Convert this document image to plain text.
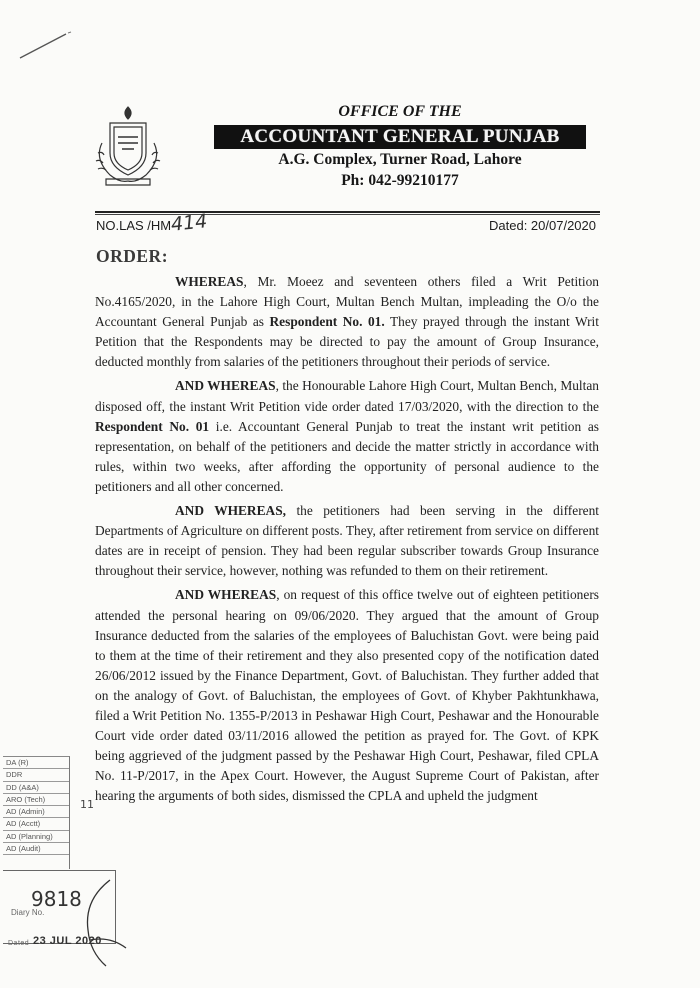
OFFICE OF THE
ACCOUNTANT GENERAL PUNJAB
A.G. Complex, Turner Road, Lahore
Ph: 042-99210177
NO.LAS /HM-
414	Dated: 20/07/2020
ORDER:

WHEREAS, Mr. Moeez and seventeen others filed a Writ Petition No.4165/2020, in the Lahore High Court, Multan Bench Multan, impleading the O/o the Accountant General Punjab as Respondent No. 01. They prayed through the instant Writ Petition that the Respondents may be directed to pay the amount of Group Insurance, deducted monthly from salaries of the petitioners throughout their periods of service.

AND WHEREAS, the Honourable Lahore High Court, Multan Bench, Multan disposed off, the instant Writ Petition vide order dated 17/03/2020, with the direction to the Respondent No. 01 i.e. Accountant General Punjab to treat the instant writ petition as representation, on behalf of the petitioners and decide the matter strictly in accordance with rules, within two weeks, after affording the opportunity of personal audience to the petitioners and all other concerned.

AND WHEREAS, the petitioners had been serving in the different Departments of Agriculture on different posts. They, after retirement from service on different dates are in receipt of pension. They had been regular subscriber towards Group Insurance throughout their service, however, nothing was refunded to them on their retirement.

AND WHEREAS, on request of this office twelve out of eighteen petitioners attended the personal hearing on 09/06/2020. They argued that the amount of Group Insurance deducted from the salaries of the employees of Baluchistan Govt. were being paid to them at the time of their retirement and they also presented copy of the notification dated 26/06/2012 issued by the Finance Department, Govt. of Baluchistan. They further added that on the analogy of Govt. of Baluchistan, the employees of Govt. of Khyber Pakhtunkhawa, filed a Writ Petition No. 1355-P/2013 in Peshawar High Court, Peshawar and the Honourable Court vide order dated 03/11/2016 allowed the petition as prayed for. The Govt. of KPK being aggrieved of the judgment passed by the Peshawar High Court, Peshawar, filed CPLA No. 11-P/2017, in the Apex Court. However, the August Supreme Court of Pakistan, after hearing the arguments of both sides, dismissed the CPLA and upheld the judgment

DA (R)
DDR
DD (A&A)
ARO (Tech)
AD (Admin)
AD (Acctt)
AD (Planning)
AD (Audit)
11
9818
Diary No.
Dated 23 JUL 2020
